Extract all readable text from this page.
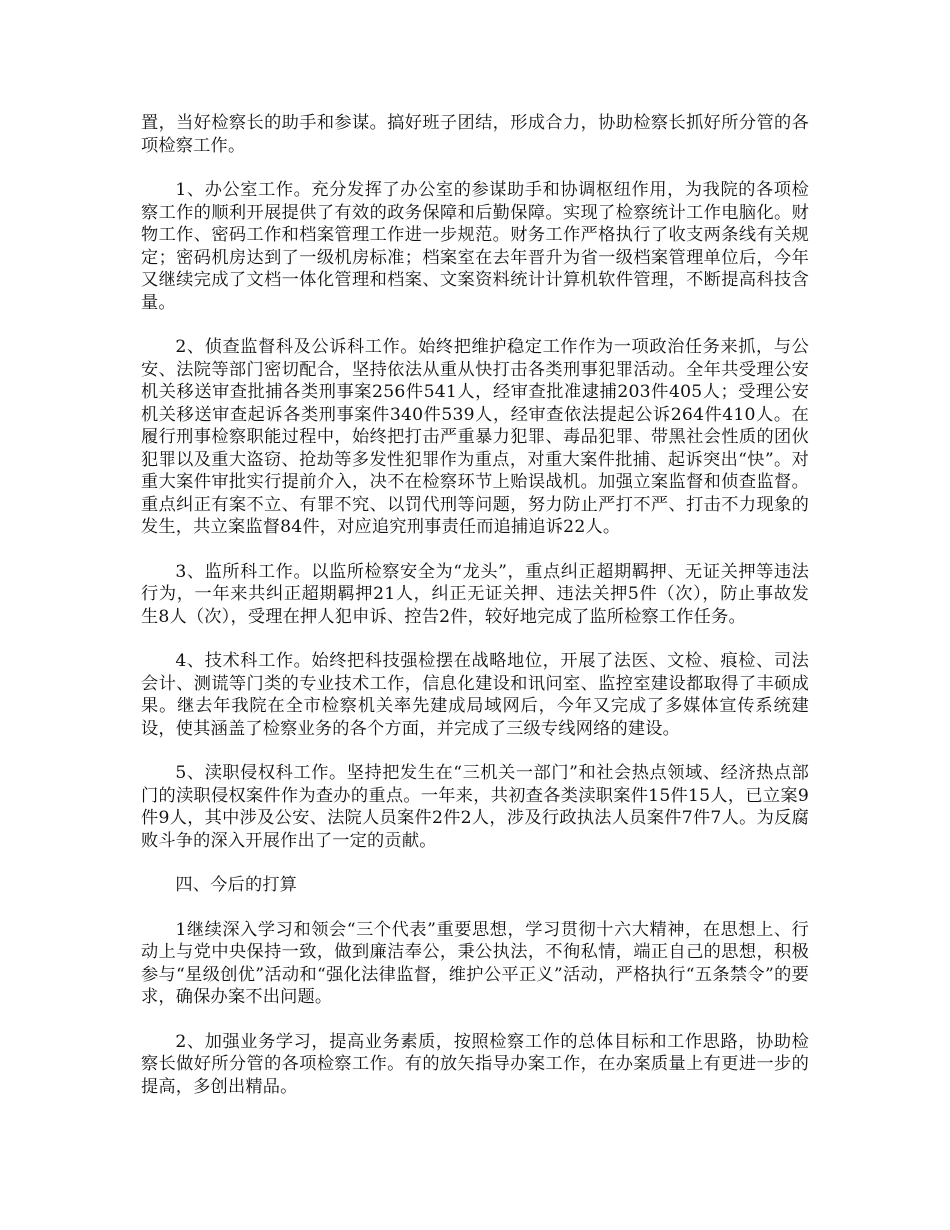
置，当好检察长的助手和参谋。搞好班子团结，形成合力，协助检察长抓好所分管的各项检察工作。

1、办公室工作。充分发挥了办公室的参谋助手和协调枢纽作用，为我院的各项检察工作的顺利开展提供了有效的政务保障和后勤保障。实现了检察统计工作电脑化。财物工作、密码工作和档案管理工作进一步规范。财务工作严格执行了收支两条线有关规定；密码机房达到了一级机房标准；档案室在去年晋升为省一级档案管理单位后，今年又继续完成了文档一体化管理和档案、文案资料统计计算机软件管理，不断提高科技含量。

2、侦查监督科及公诉科工作。始终把维护稳定工作作为一项政治任务来抓，与公安、法院等部门密切配合，坚持依法从重从快打击各类刑事犯罪活动。全年共受理公安机关移送审查批捕各类刑事案256件541人，经审查批准逮捕203件405人；受理公安机关移送审查起诉各类刑事案件340件539人，经审查依法提起公诉264件410人。在履行刑事检察职能过程中，始终把打击严重暴力犯罪、毒品犯罪、带黑社会性质的团伙犯罪以及重大盗窃、抢劫等多发性犯罪作为重点，对重大案件批捕、起诉突出“快”。对重大案件审批实行提前介入，决不在检察环节上贻误战机。加强立案监督和侦查监督。重点纠正有案不立、有罪不究、以罚代刑等问题，努力防止严打不严、打击不力现象的发生，共立案监督84件，对应追究刑事责任而追捕追诉22人。

3、监所科工作。以监所检察安全为“龙头”，重点纠正超期羁押、无证关押等违法行为，一年来共纠正超期羁押21人，纠正无证关押、违法关押5件（次），防止事故发生8人（次），受理在押人犯申诉、控告2件，较好地完成了监所检察工作任务。

4、技术科工作。始终把科技强检摆在战略地位，开展了法医、文检、痕检、司法会计、测谎等门类的专业技术工作，信息化建设和讯问室、监控室建设都取得了丰硕成果。继去年我院在全市检察机关率先建成局域网后，今年又完成了多媒体宣传系统建设，使其涵盖了检察业务的各个方面，并完成了三级专线网络的建设。

5、渎职侵权科工作。坚持把发生在“三机关一部门”和社会热点领域、经济热点部门的渎职侵权案件作为查办的重点。一年来，共初查各类渎职案件15件15人，已立案9件9人，其中涉及公安、法院人员案件2件2人，涉及行政执法人员案件7件7人。为反腐败斗争的深入开展作出了一定的贡献。

四、今后的打算

1继续深入学习和领会“三个代表”重要思想，学习贯彻十六大精神，在思想上、行动上与党中央保持一致，做到廉洁奉公，秉公执法，不徇私情，端正自己的思想，积极参与“星级创优”活动和“强化法律监督，维护公平正义”活动，严格执行“五条禁令”的要求，确保办案不出问题。

2、加强业务学习，提高业务素质，按照检察工作的总体目标和工作思路，协助检察长做好所分管的各项检察工作。有的放矢指导办案工作，在办案质量上有更进一步的提高，多创出精品。
